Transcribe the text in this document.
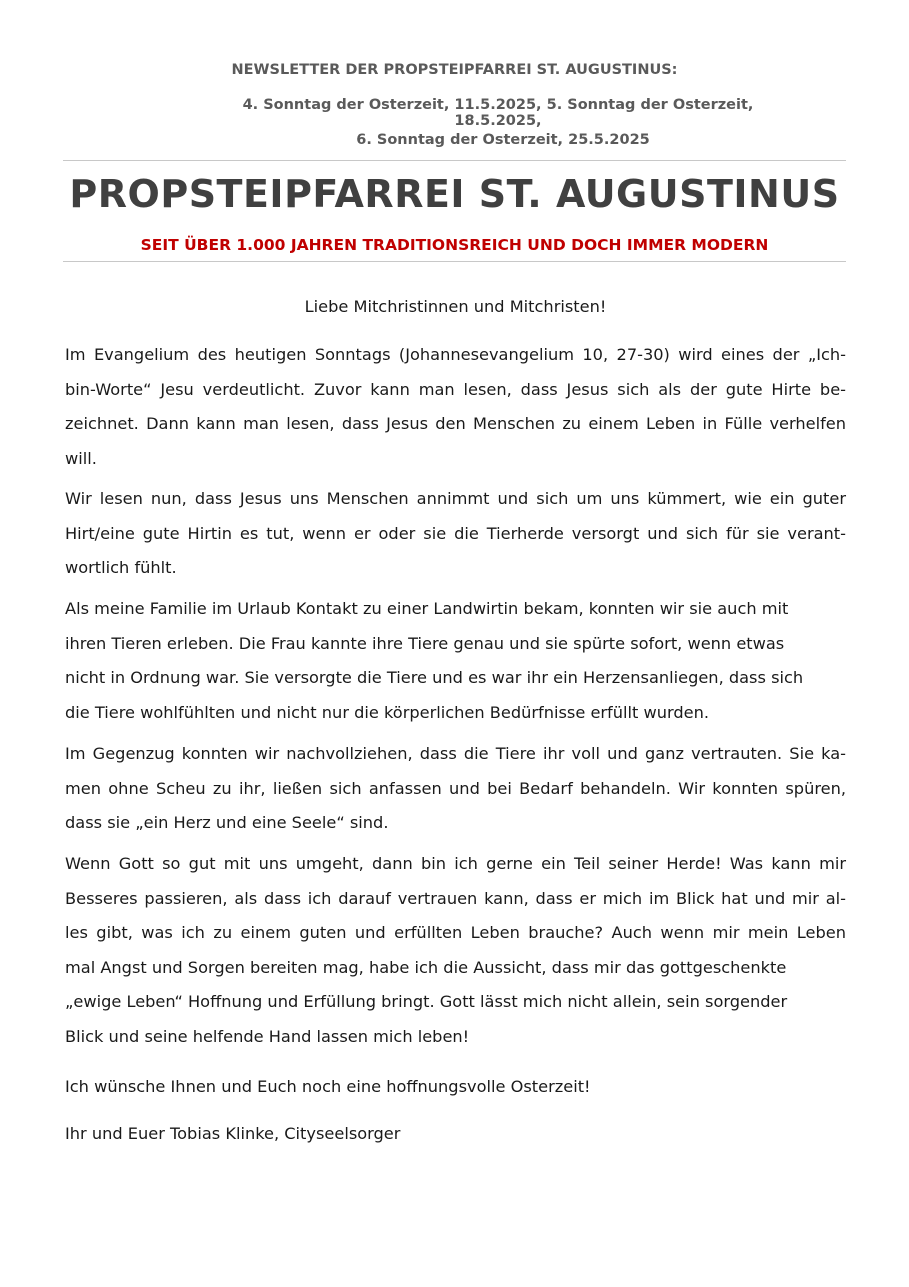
NEWSLETTER DER PROPSTEIPFARREI ST. AUGUSTINUS:
4. Sonntag der Osterzeit, 11.5.2025, 5. Sonntag der Osterzeit, 18.5.2025,
6. Sonntag der Osterzeit, 25.5.2025
PROPSTEIPFARREI ST. AUGUSTINUS
SEIT ÜBER 1.000 JAHREN TRADITIONSREICH UND DOCH IMMER MODERN

Liebe Mitchristinnen und Mitchristen!

Im Evangelium des heutigen Sonntags (Johannesevangelium 10, 27-30) wird eines der „Ich-
bin-Worte“ Jesu verdeutlicht. Zuvor kann man lesen, dass Jesus sich als der gute Hirte be-
zeichnet. Dann kann man lesen, dass Jesus den Menschen zu einem Leben in Fülle verhelfen
will.
Wir lesen nun, dass Jesus uns Menschen annimmt und sich um uns kümmert, wie ein guter
Hirt/eine gute Hirtin es tut, wenn er oder sie die Tierherde versorgt und sich für sie verant-
wortlich fühlt.
Als meine Familie im Urlaub Kontakt zu einer Landwirtin bekam, konnten wir sie auch mit
ihren Tieren erleben. Die Frau kannte ihre Tiere genau und sie spürte sofort, wenn etwas
nicht in Ordnung war. Sie versorgte die Tiere und es war ihr ein Herzensanliegen, dass sich
die Tiere wohlfühlten und nicht nur die körperlichen Bedürfnisse erfüllt wurden.
Im Gegenzug konnten wir nachvollziehen, dass die Tiere ihr voll und ganz vertrauten. Sie ka-
men ohne Scheu zu ihr, ließen sich anfassen und bei Bedarf behandeln. Wir konnten spüren,
dass sie „ein Herz und eine Seele“ sind.
Wenn Gott so gut mit uns umgeht, dann bin ich gerne ein Teil seiner Herde! Was kann mir
Besseres passieren, als dass ich darauf vertrauen kann, dass er mich im Blick hat und mir al-
les gibt, was ich zu einem guten und erfüllten Leben brauche? Auch wenn mir mein Leben
mal Angst und Sorgen bereiten mag, habe ich die Aussicht, dass mir das gottgeschenkte
„ewige Leben“ Hoffnung und Erfüllung bringt. Gott lässt mich nicht allein, sein sorgender
Blick und seine helfende Hand lassen mich leben!

Ich wünsche Ihnen und Euch noch eine hoffnungsvolle Osterzeit!

Ihr und Euer Tobias Klinke, Cityseelsorger
